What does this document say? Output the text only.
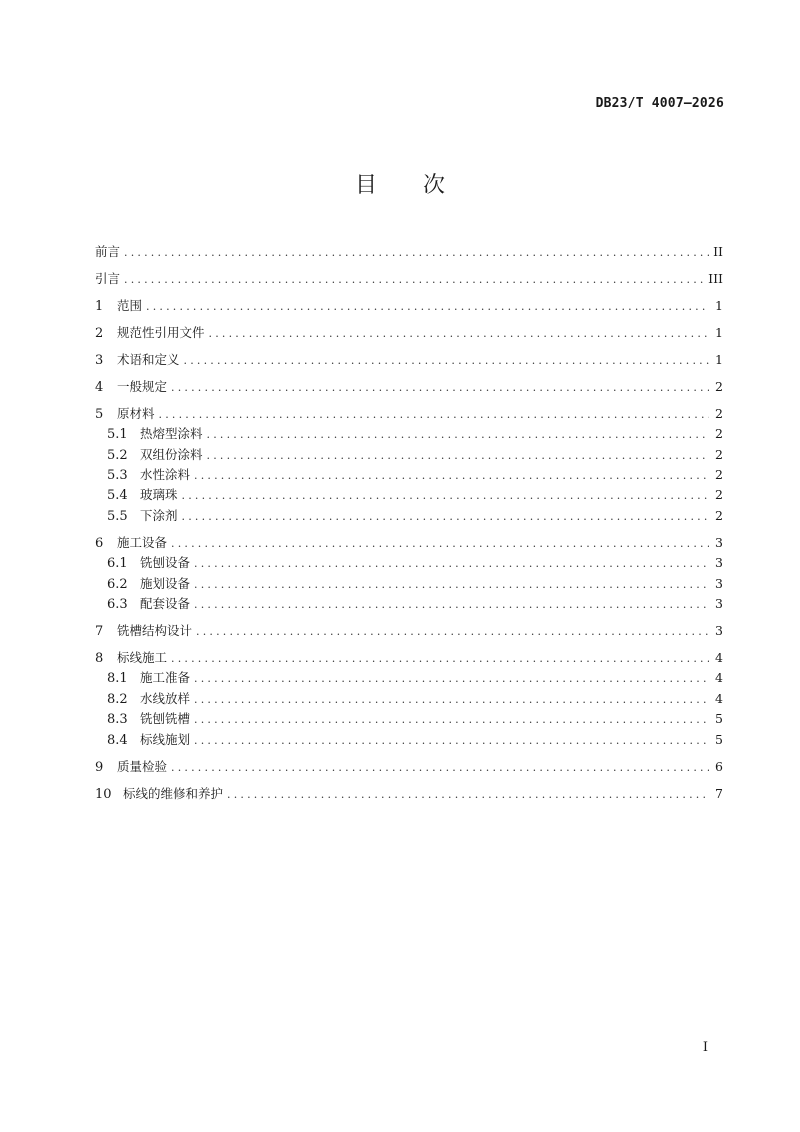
DB23/T 4007—2026
目次
前言 .....	II
引言 .....	III
1	范围 .....	1
2	规范性引用文件 .....	1
3	术语和定义 .....	1
4	一般规定 .....	2
5	原材料 .....	2
5.1 热熔型涂料 .....	2
5.2 双组份涂料 .....	2
5.3 水性涂料 .....	2
5.4 玻璃珠 .....	2
5.5 下涂剂 .....	2
6	施工设备 .....	3
6.1 铣刨设备 .....	3
6.2 施划设备 .....	3
6.3 配套设备 .....	3
7	铣槽结构设计 .....	3
8	标线施工 .....	4
8.1 施工准备 .....	4
8.2 水线放样 .....	4
8.3 铣刨铣槽 .....	5
8.4 标线施划 .....	5
9	质量检验 .....	6
10 标线的维修和养护 .....	7
I
